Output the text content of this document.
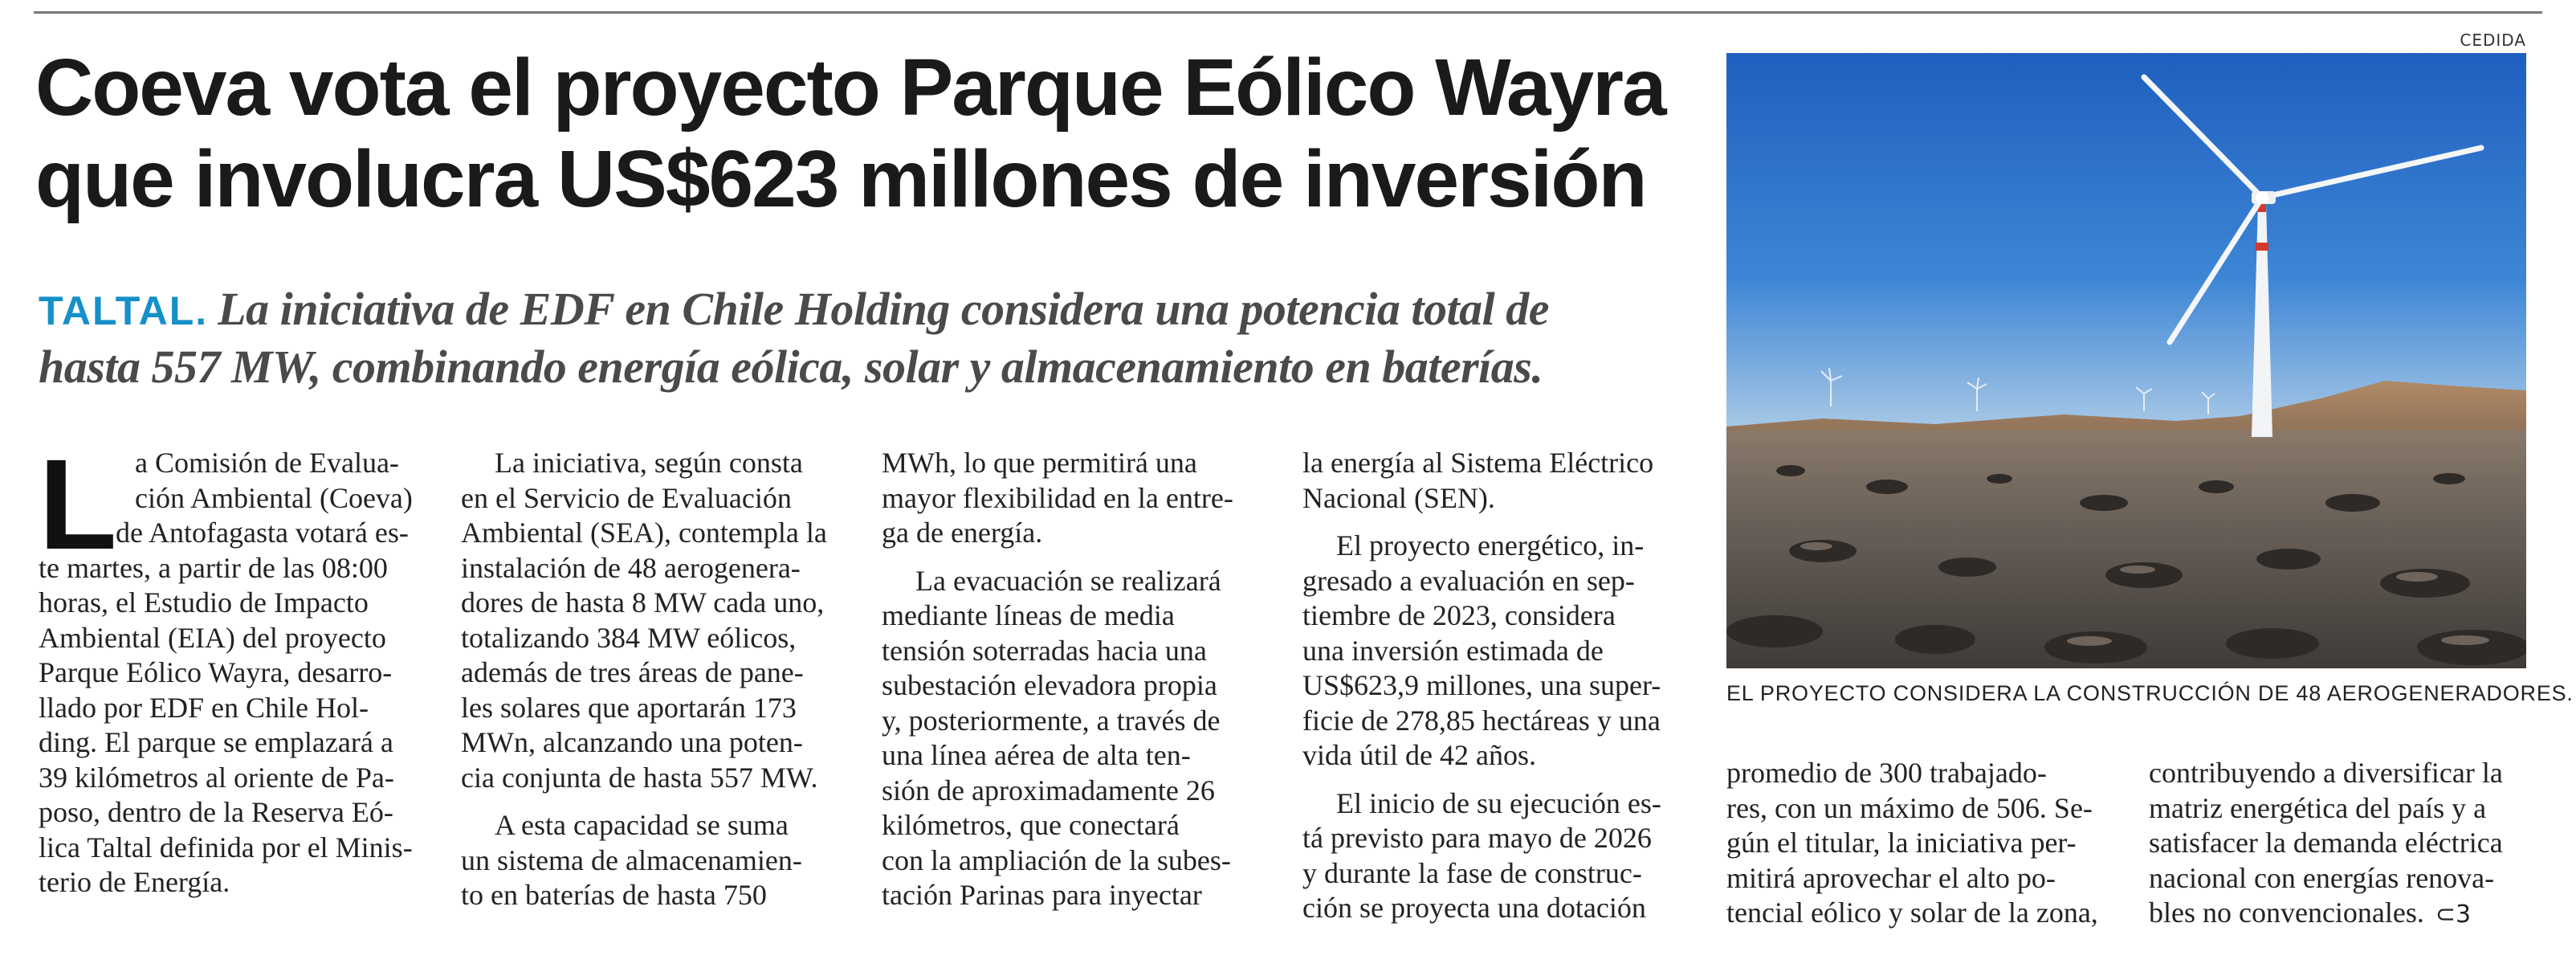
CEDIDA
Coeva vota el proyecto Parque Eólico Wayra
que involucra US$623 millones de inversión

TALTAL. La iniciativa de EDF en Chile Holding considera una potencia total de
hasta 557 MW, combinando energía eólica, solar y almacenamiento en baterías.

L a Comisión de Evalua-
ción Ambiental (Coeva)
de Antofagasta votará es-
te martes, a partir de las 08:00
horas, el Estudio de Impacto
Ambiental (EIA) del proyecto
Parque Eólico Wayra, desarro-
llado por EDF en Chile Hol-
ding. El parque se emplazará a
39 kilómetros al oriente de Pa-
poso, dentro de la Reserva Eó-
lica Taltal definida por el Minis-
terio de Energía.
La iniciativa, según consta
en el Servicio de Evaluación
Ambiental (SEA), contempla la
instalación de 48 aerogenera-
dores de hasta 8 MW cada uno,
totalizando 384 MW eólicos,
además de tres áreas de pane-
les solares que aportarán 173
MWn, alcanzando una poten-
cia conjunta de hasta 557 MW.
A esta capacidad se suma
un sistema de almacenamien-
to en baterías de hasta 750
MWh, lo que permitirá una
mayor flexibilidad en la entre-
ga de energía.
La evacuación se realizará
mediante líneas de media
tensión soterradas hacia una
subestación elevadora propia
y, posteriormente, a través de
una línea aérea de alta ten-
sión de aproximadamente 26
kilómetros, que conectará
con la ampliación de la subes-
tación Parinas para inyectar
la energía al Sistema Eléctrico
Nacional (SEN).
El proyecto energético, in-
gresado a evaluación en sep-
tiembre de 2023, considera
una inversión estimada de
US$623,9 millones, una super-
ficie de 278,85 hectáreas y una
vida útil de 42 años.
El inicio de su ejecución es-
tá previsto para mayo de 2026
y durante la fase de construc-
ción se proyecta una dotación
promedio de 300 trabajado-
res, con un máximo de 506. Se-
gún el titular, la iniciativa per-
mitirá aprovechar el alto po-
tencial eólico y solar de la zona,
contribuyendo a diversificar la
matriz energética del país y a
satisfacer la demanda eléctrica
nacional con energías renova-
bles no convencionales. ⊂3
EL PROYECTO CONSIDERA LA CONSTRUCCIÓN DE 48 AEROGENERADORES.
